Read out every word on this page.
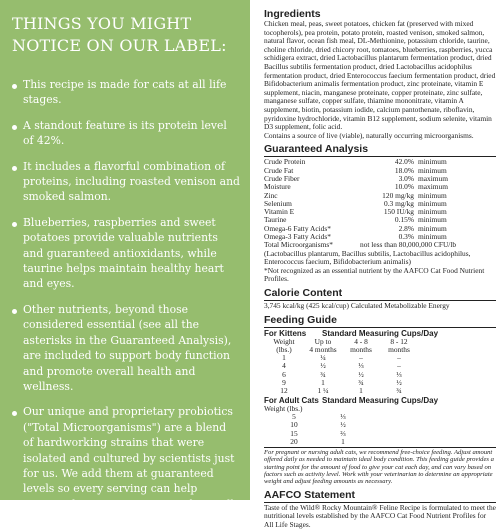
THINGS YOU MIGHT
NOTICE ON OUR LABEL:
This recipe is made for cats at all life stages.
A standout feature is its protein level of 42%.
It includes a flavorful combination of proteins, including roasted venison and smoked salmon.
Blueberries, raspberries and sweet potatoes provide valuable nutrients and guaranteed antioxidants, while taurine helps maintain healthy heart and eyes.
Other nutrients, beyond those considered essential (see all the asterisks in the Guaranteed Analysis), are included to support body function and promote overall health and wellness.
Our unique and proprietary probiotics ("Total Microorganisms") are a blend of hardworking strains that were isolated and cultured by scientists just for us. We add them at guaranteed levels so every serving can help support digestive, immune and overall health.
Ingredients

Chicken meal, peas, sweet potatoes, chicken fat (preserved with mixed tocopherols), pea protein, potato protein, roasted venison, smoked salmon, natural flavor, ocean fish meal, DL-Methionine, potassium chloride, taurine, choline chloride, dried chicory root, tomatoes, blueberries, raspberries, yucca schidigera extract, dried Lactobacillus plantarum fermentation product, dried Bacillus subtilis fermentation product, dried Lactobacillus acidophilus fermentation product, dried Enterococcus faecium fermentation product, dried Bifidobacterium animalis fermentation product, zinc proteinate, vitamin E supplement, niacin, manganese proteinate, copper proteinate, zinc sulfate, manganese sulfate, copper sulfate, thiamine mononitrate, vitamin A supplement, biotin, potassium iodide, calcium pantothenate, riboflavin, pyridoxine hydrochloride, vitamin B12 supplement, sodium selenite, vitamin D3 supplement, folic acid.

Contains a source of live (viable), naturally occurring microorganisms.

Guaranteed Analysis
Crude Protein	42.0%	minimum
Crude Fat	18.0%	minimum
Crude Fiber	3.0%	maximum
Moisture	10.0%	maximum
Zinc	120 mg/kg	minimum
Selenium	0.3 mg/kg	minimum
Vitamin E	150 IU/kg	minimum
Taurine	0.15%	minimum
Omega-6 Fatty Acids*	2.8%	minimum
Omega-3 Fatty Acids*	0.3%	minimum
Total Microorganisms*	not less than 80,000,000 CFU/lb

(Lactobacillus plantarum, Bacillus subtilis, Lactobacillus acidophilus, Enterococcus faecium, Bifidobacterium animalis)

*Not recognized as an essential nutrient by the AAFCO Cat Food Nutrient Profiles.

Calorie Content

3,745 kcal/kg (425 kcal/cup) Calculated Metabolizable Energy

Feeding Guide
For Kittens	Standard Measuring Cups/Day
Weight	Up to	4 - 8	8 - 12
(lbs.)	4 months	months	months
1	¼	–	–
4	½	⅓	–
6	¾	½	⅓
9	1	¾	½
12	1 ¼	1	¾
For Adult Cats Standard Measuring Cups/Day
Weight (lbs.)	
5	⅓
10	½
15	⅔
20	1

For pregnant or nursing adult cats, we recommend free-choice feeding. Adjust amount offered daily as needed to maintain ideal body condition. This feeding guide provides a starting point for the amount of food to give your cat each day, and can vary based on factors such as activity level. Work with your veterinarian to determine an appropriate weight and adjust feeding amounts as necessary.

AAFCO Statement

Taste of the Wild® Rocky Mountain® Feline Recipe is formulated to meet the nutritional levels established by the AAFCO Cat Food Nutrient Profiles for All Life Stages.
